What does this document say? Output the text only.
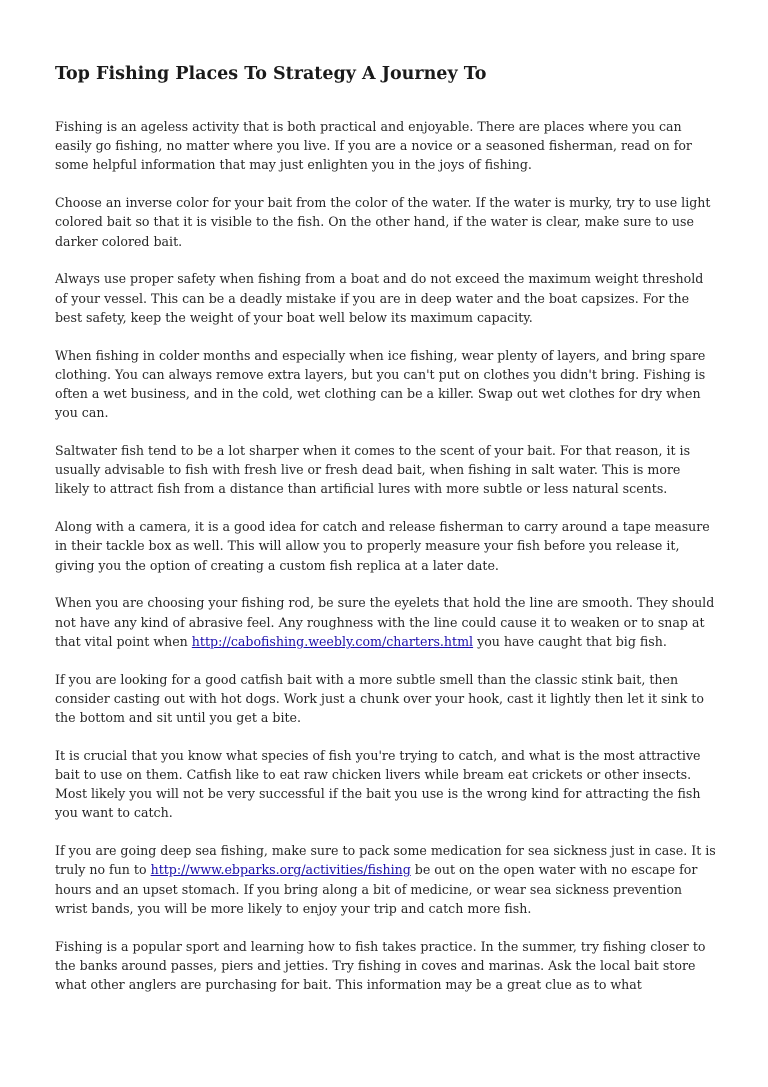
Top Fishing Places To Strategy A Journey To

Fishing is an ageless activity that is both practical and enjoyable. There are places where you can easily go fishing, no matter where you live. If you are a novice or a seasoned fisherman, read on for some helpful information that may just enlighten you in the joys of fishing.

Choose an inverse color for your bait from the color of the water. If the water is murky, try to use light colored bait so that it is visible to the fish. On the other hand, if the water is clear, make sure to use darker colored bait.

Always use proper safety when fishing from a boat and do not exceed the maximum weight threshold of your vessel. This can be a deadly mistake if you are in deep water and the boat capsizes. For the best safety, keep the weight of your boat well below its maximum capacity.

When fishing in colder months and especially when ice fishing, wear plenty of layers, and bring spare clothing. You can always remove extra layers, but you can't put on clothes you didn't bring. Fishing is often a wet business, and in the cold, wet clothing can be a killer. Swap out wet clothes for dry when you can.

Saltwater fish tend to be a lot sharper when it comes to the scent of your bait. For that reason, it is usually advisable to fish with fresh live or fresh dead bait, when fishing in salt water. This is more likely to attract fish from a distance than artificial lures with more subtle or less natural scents.

Along with a camera, it is a good idea for catch and release fisherman to carry around a tape measure in their tackle box as well. This will allow you to properly measure your fish before you release it, giving you the option of creating a custom fish replica at a later date.

When you are choosing your fishing rod, be sure the eyelets that hold the line are smooth. They should not have any kind of abrasive feel. Any roughness with the line could cause it to weaken or to snap at that vital point when http://cabofishing.weebly.com/charters.html you have caught that big fish.

If you are looking for a good catfish bait with a more subtle smell than the classic stink bait, then consider casting out with hot dogs. Work just a chunk over your hook, cast it lightly then let it sink to the bottom and sit until you get a bite.

It is crucial that you know what species of fish you're trying to catch, and what is the most attractive bait to use on them. Catfish like to eat raw chicken livers while bream eat crickets or other insects. Most likely you will not be very successful if the bait you use is the wrong kind for attracting the fish you want to catch.

If you are going deep sea fishing, make sure to pack some medication for sea sickness just in case. It is truly no fun to http://www.ebparks.org/activities/fishing be out on the open water with no escape for hours and an upset stomach. If you bring along a bit of medicine, or wear sea sickness prevention wrist bands, you will be more likely to enjoy your trip and catch more fish.

Fishing is a popular sport and learning how to fish takes practice. In the summer, try fishing closer to the banks around passes, piers and jetties. Try fishing in coves and marinas. Ask the local bait store what other anglers are purchasing for bait. This information may be a great clue as to what
